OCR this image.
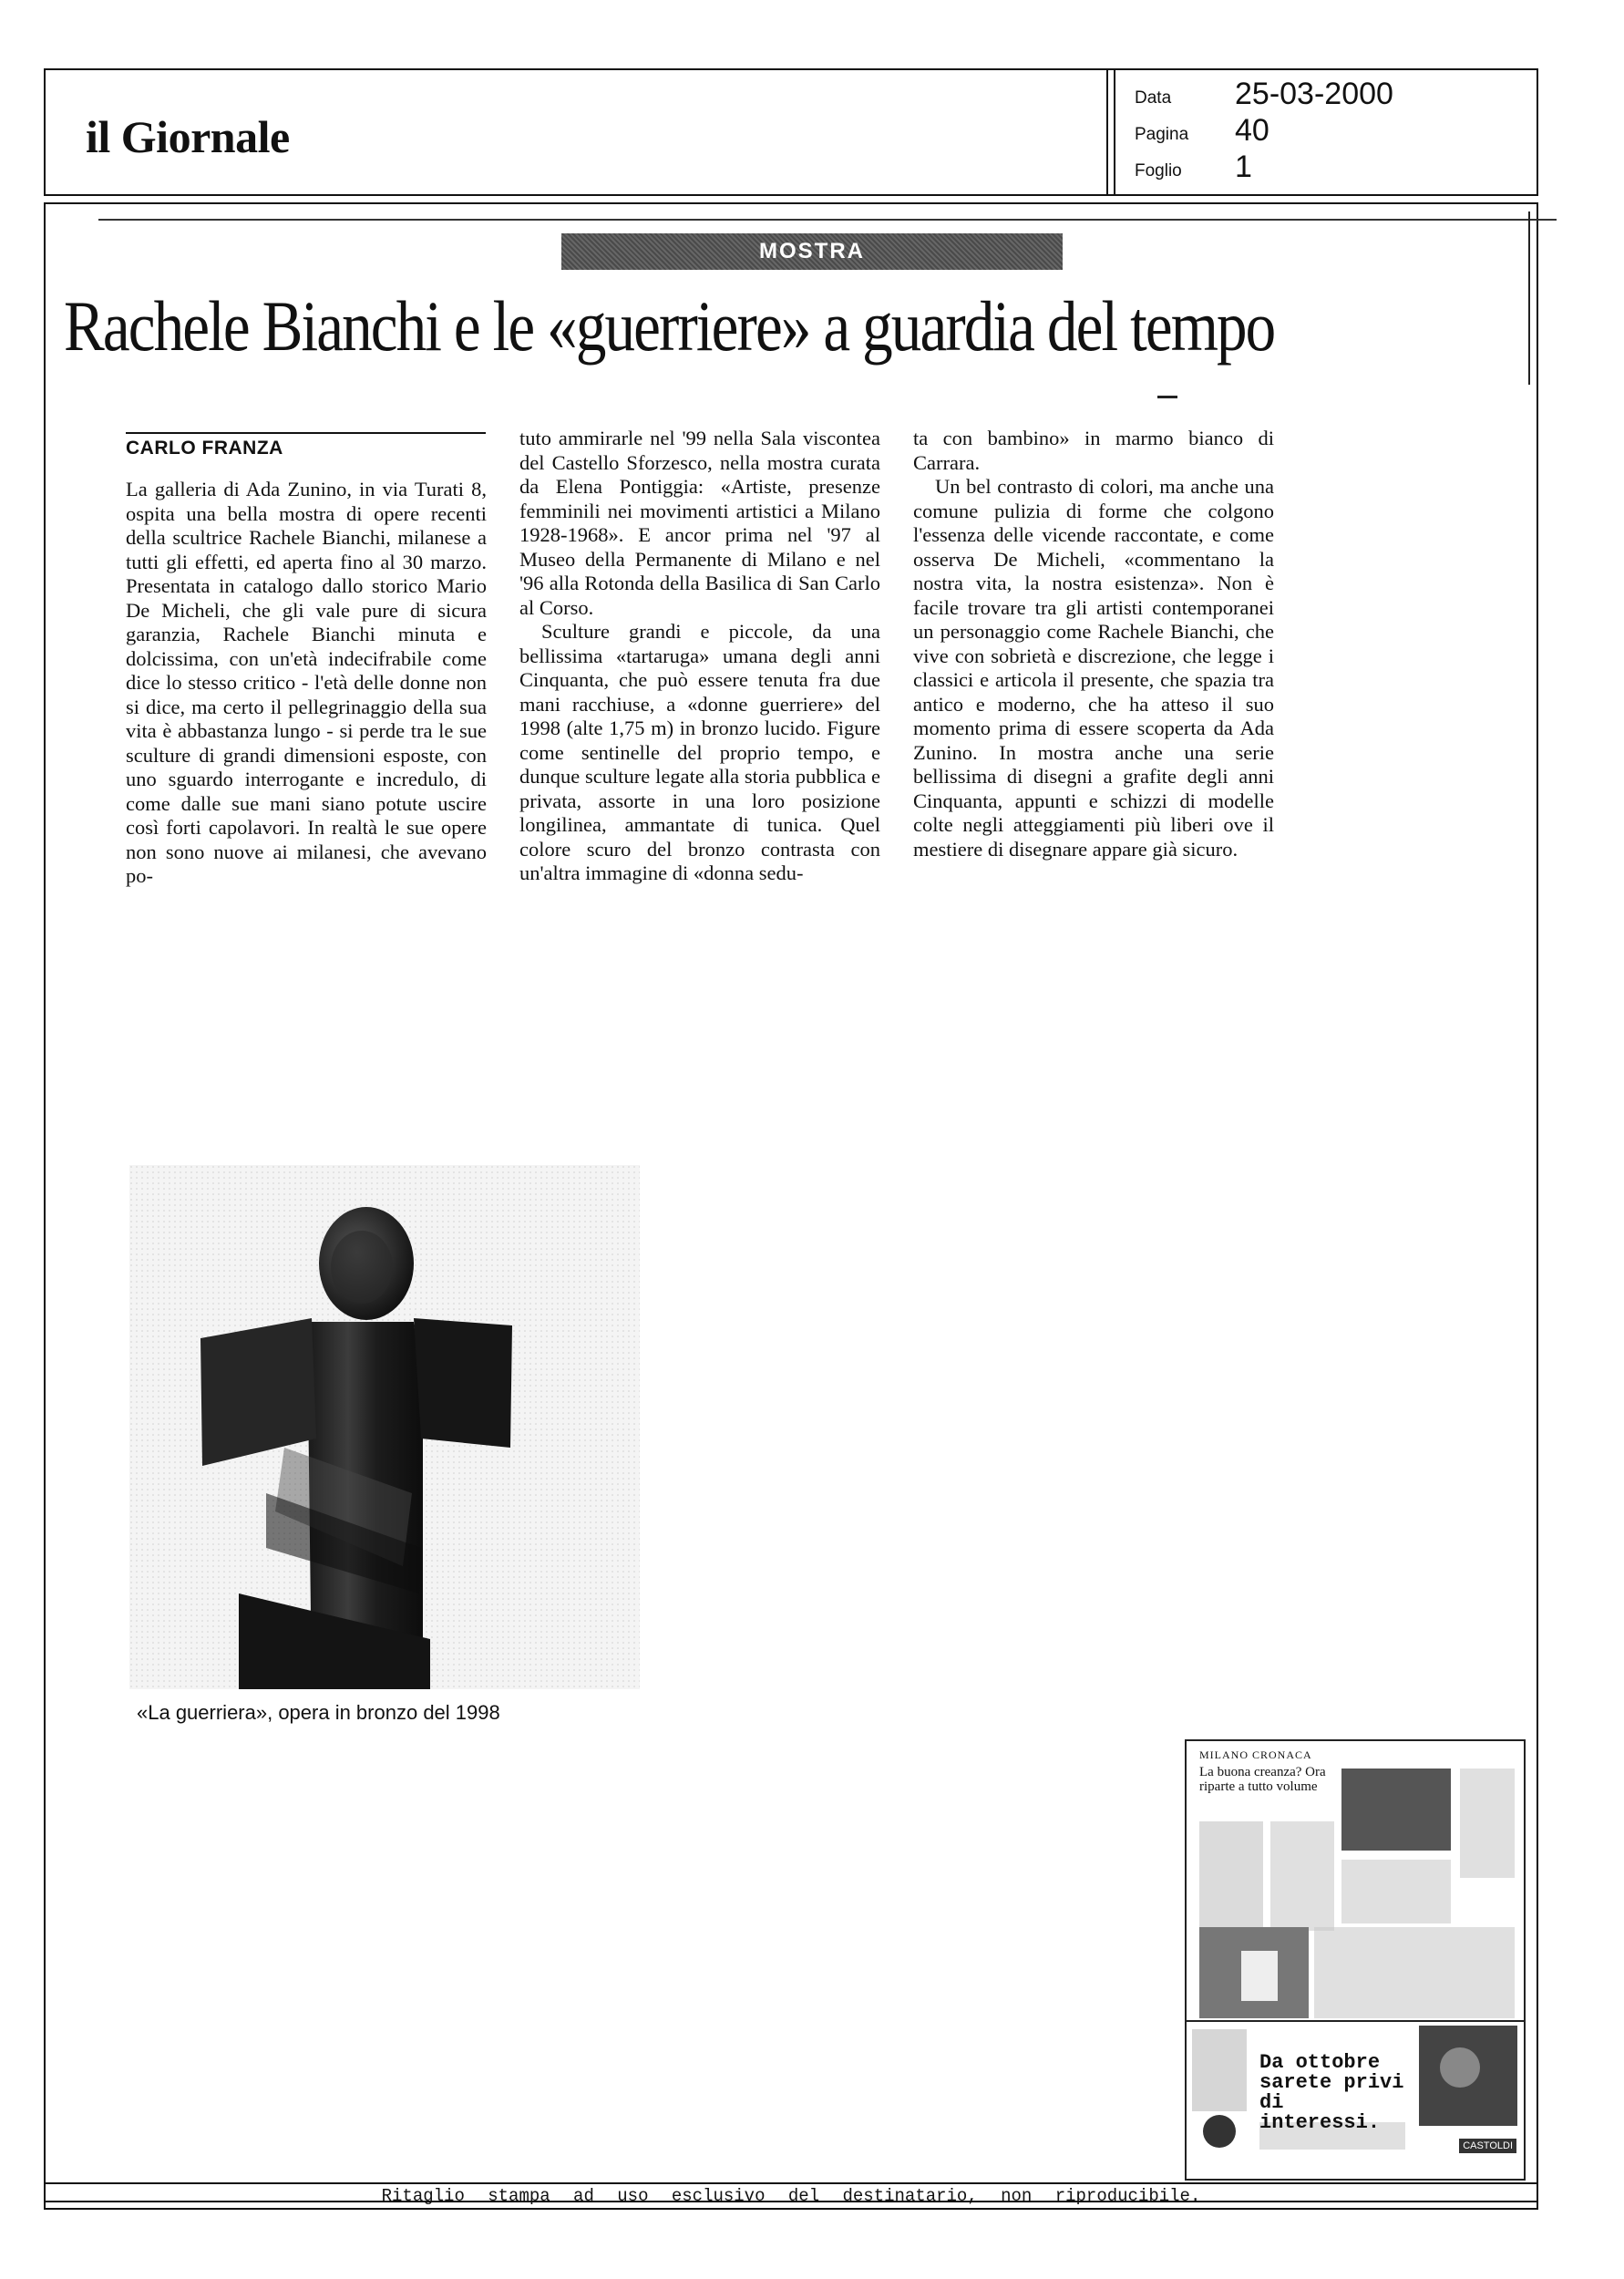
il Giornale
Data 25-03-2000
Pagina 40
Foglio 1
MOSTRA
Rachele Bianchi e le «guerriere» a guardia del tempo
CARLO FRANZA

La galleria di Ada Zunino, in via Turati 8, ospita una bella mostra di opere recenti della scultrice Rachele Bianchi, milanese a tutti gli effetti, ed aperta fino al 30 marzo. Presentata in catalogo dallo storico Mario De Micheli, che gli vale pure di sicura garanzia, Rachele Bianchi minuta e dolcissima, con un'età indecifrabile come dice lo stesso critico - l'età delle donne non si dice, ma certo il pellegrinaggio della sua vita è abbastanza lungo - si perde tra le sue sculture di grandi dimensioni esposte, con uno sguardo interrogante e incredulo, di come dalle sue mani siano potute uscire così forti capolavori. In realtà le sue opere non sono nuove ai milanesi, che avevano po-

tuto ammirarle nel '99 nella Sala viscontea del Castello Sforzesco, nella mostra curata da Elena Pontiggia: «Artiste, presenze femminili nei movimenti artistici a Milano 1928-1968». E ancor prima nel '97 al Museo della Permanente di Milano e nel '96 alla Rotonda della Basilica di San Carlo al Corso.

Sculture grandi e piccole, da una bellissima «tartaruga» umana degli anni Cinquanta, che può essere tenuta fra due mani racchiuse, a «donne guerriere» del 1998 (alte 1,75 m) in bronzo lucido. Figure come sentinelle del proprio tempo, e dunque sculture legate alla storia pubblica e privata, assorte in una loro posizione longilinea, ammantate di tunica. Quel colore scuro del bronzo contrasta con un'altra immagine di «donna sedu-

ta con bambino» in marmo bianco di Carrara.

Un bel contrasto di colori, ma anche una comune pulizia di forme che colgono l'essenza delle vicende raccontate, e come osserva De Micheli, «commentano la nostra vita, la nostra esistenza». Non è facile trovare tra gli artisti contemporanei un personaggio come Rachele Bianchi, che vive con sobrietà e discrezione, che legge i classici e articola il presente, che spazia tra antico e moderno, che ha atteso il suo momento prima di essere scoperta da Ada Zunino. In mostra anche una serie bellissima di disegni a grafite degli anni Cinquanta, appunti e schizzi di modelle colte negli atteggiamenti più liberi ove il mestiere di disegnare appare già sicuro.

«La guerriera», opera in bronzo del 1998
MILANO CRONACA
La buona creanza? Ora riparte a tutto volume
Da ottobre sarete privi di interessi.
CASTOLDI
Ritaglio stampa ad uso esclusivo del destinatario, non riproducibile.
